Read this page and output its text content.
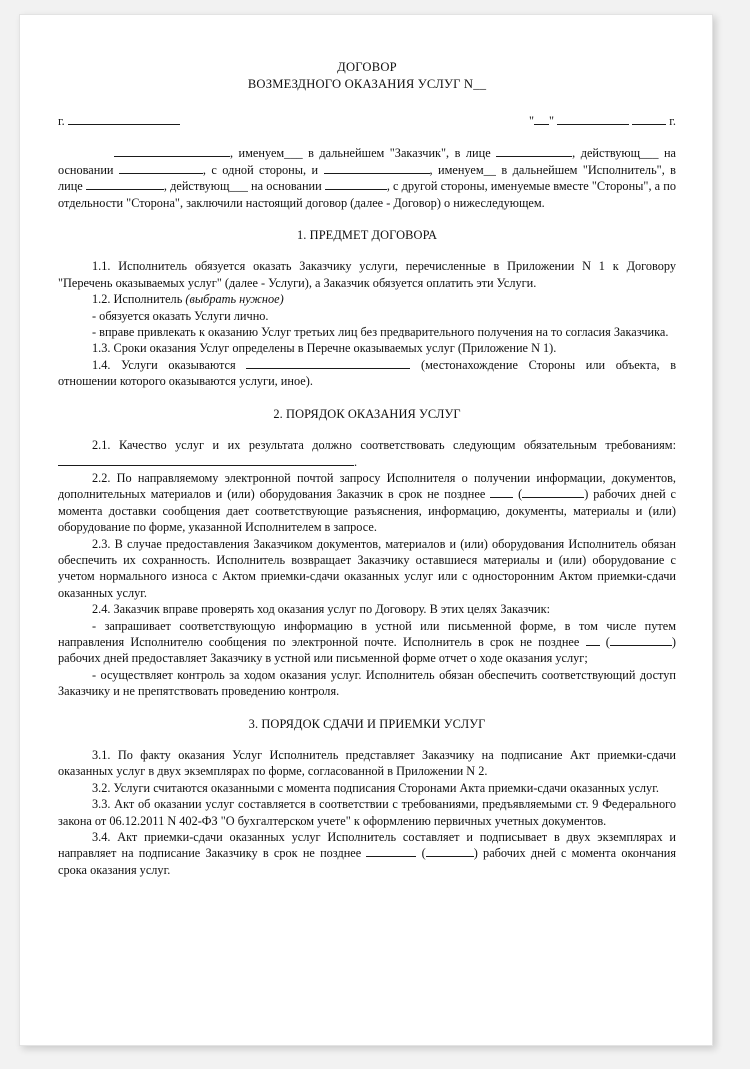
ДОГОВОР
ВОЗМЕЗДНОГО ОКАЗАНИЯ УСЛУГ N__
г.	" "	г.

, именуем___ в дальнейшем "Заказчик", в лице	, действующ___ на основании	, с одной стороны, и	, именуем__ в дальнейшем "Исполнитель", в лице	, действующ___ на основании	, с другой стороны, именуемые вместе "Стороны", а по отдельности "Сторона", заключили настоящий договор (далее - Договор) о нижеследующем.

1. ПРЕДМЕТ ДОГОВОРА

1.1. Исполнитель обязуется оказать Заказчику услуги, перечисленные в Приложении N 1 к Договору "Перечень оказываемых услуг" (далее - Услуги), а Заказчик обязуется оплатить эти Услуги.

1.2. Исполнитель (выбрать нужное)

- обязуется оказать Услуги лично.

- вправе привлекать к оказанию Услуг третьих лиц без предварительного получения на то согласия Заказчика.

1.3. Сроки оказания Услуг определены в Перечне оказываемых услуг (Приложение N 1).

1.4. Услуги оказываются	(местонахождение Стороны или объекта, в отношении которого оказываются услуги, иное).

2. ПОРЯДОК ОКАЗАНИЯ УСЛУГ

2.1. Качество услуг и их результата должно соответствовать следующим обязательным требованиям: .

2.2. По направляемому электронной почтой запросу Исполнителя о получении информации, документов, дополнительных материалов и (или) оборудования Заказчик в срок не позднее	(	) рабочих дней с момента доставки сообщения дает соответствующие разъяснения, информацию, документы, материалы и (или) оборудование по форме, указанной Исполнителем в запросе.

2.3. В случае предоставления Заказчиком документов, материалов и (или) оборудования Исполнитель обязан обеспечить их сохранность. Исполнитель возвращает Заказчику оставшиеся материалы и (или) оборудование с учетом нормального износа с Актом приемки-сдачи оказанных услуг или с односторонним Актом приемки-сдачи оказанных услуг.

2.4. Заказчик вправе проверять ход оказания услуг по Договору. В этих целях Заказчик:

- запрашивает соответствующую информацию в устной или письменной форме, в том числе путем направления Исполнителю сообщения по электронной почте. Исполнитель в срок не позднее (	) рабочих дней предоставляет Заказчику в устной или письменной форме отчет о ходе оказания услуг;

- осуществляет контроль за ходом оказания услуг. Исполнитель обязан обеспечить соответствующий доступ Заказчику и не препятствовать проведению контроля.

3. ПОРЯДОК СДАЧИ И ПРИЕМКИ УСЛУГ

3.1. По факту оказания Услуг Исполнитель представляет Заказчику на подписание Акт приемки-сдачи оказанных услуг в двух экземплярах по форме, согласованной в Приложении N 2.

3.2. Услуги считаются оказанными с момента подписания Сторонами Акта приемки-сдачи оказанных услуг.

3.3. Акт об оказании услуг составляется в соответствии с требованиями, предъявляемыми ст. 9 Федерального закона от 06.12.2011 N 402-ФЗ "О бухгалтерском учете" к оформлению первичных учетных документов.

3.4. Акт приемки-сдачи оказанных услуг Исполнитель составляет и подписывает в двух экземплярах и направляет на подписание Заказчику в срок не позднее	(	) рабочих дней с момента окончания срока оказания услуг.
